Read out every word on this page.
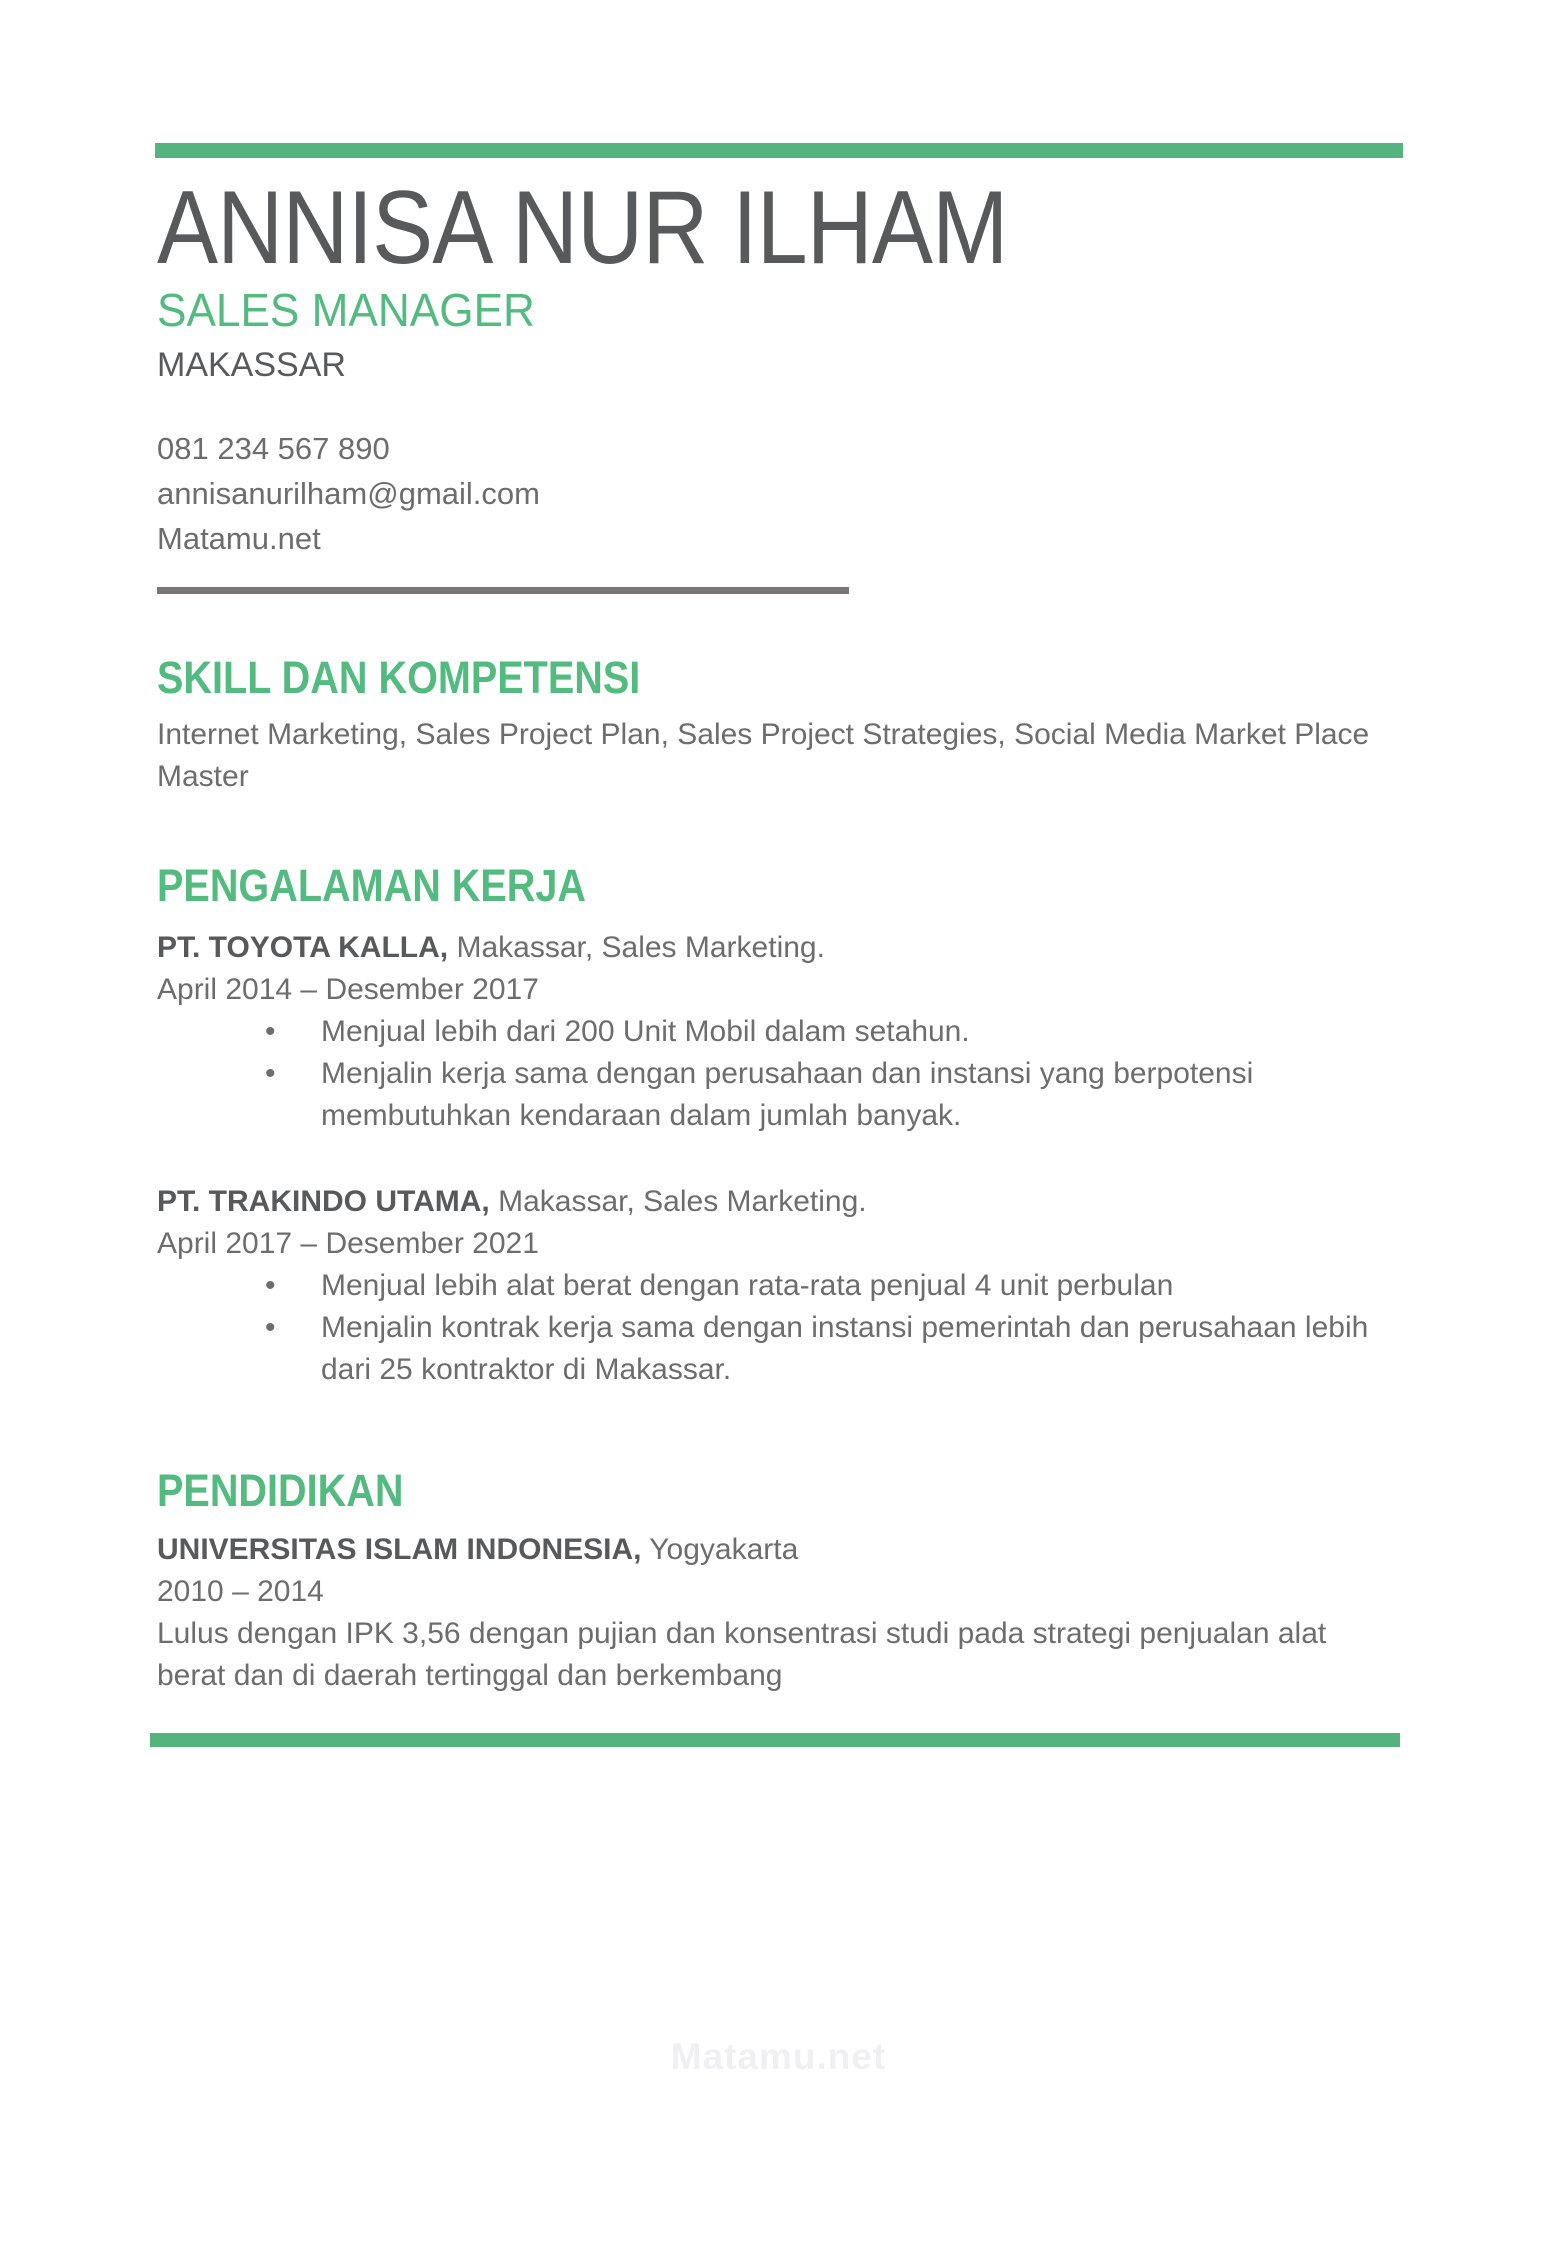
ANNISA NUR ILHAM
SALES MANAGER
MAKASSAR
081 234 567 890
annisanurilham@gmail.com
Matamu.net
SKILL DAN KOMPETENSI

Internet Marketing, Sales Project Plan, Sales Project Strategies, Social Media Market Place Master

PENGALAMAN KERJA
PT. TOYOTA KALLA, Makassar, Sales Marketing.
April 2014 – Desember 2017
• Menjual lebih dari 200 Unit Mobil dalam setahun.
• Menjalin kerja sama dengan perusahaan dan instansi yang berpotensi membutuhkan kendaraan dalam jumlah banyak.
PT. TRAKINDO UTAMA, Makassar, Sales Marketing.
April 2017 – Desember 2021
• Menjual lebih alat berat dengan rata-rata penjual 4 unit perbulan
• Menjalin kontrak kerja sama dengan instansi pemerintah dan perusahaan lebih dari 25 kontraktor di Makassar.
PENDIDIKAN
UNIVERSITAS ISLAM INDONESIA, Yogyakarta
2010 – 2014

Lulus dengan IPK 3,56 dengan pujian dan konsentrasi studi pada strategi penjualan alat berat dan di daerah tertinggal dan berkembang

Matamu.net
